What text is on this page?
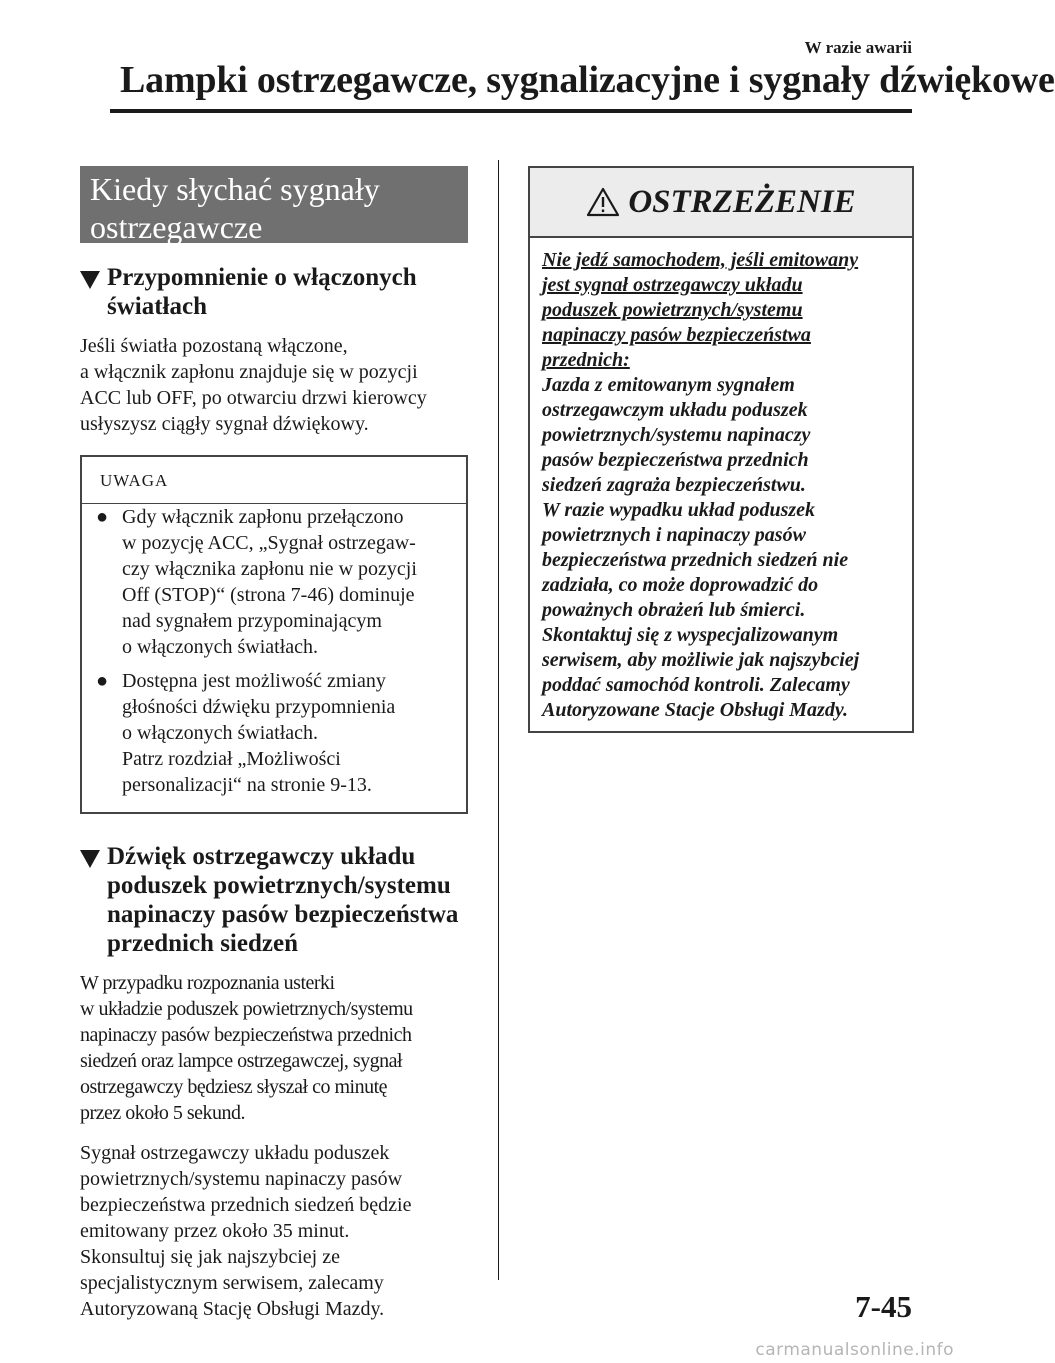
W razie awarii
Lampki ostrzegawcze, sygnalizacyjne i sygnały dźwiękowe
Kiedy słychać sygnały
ostrzegawcze
Przypomnienie o włączonych
światłach
Jeśli światła pozostaną włączone,
a włącznik zapłonu znajduje się w pozycji
ACC lub OFF, po otwarciu drzwi kierowcy
usłyszysz ciągły sygnał dźwiękowy.
UWAGA
● Gdy włącznik zapłonu przełączono
w pozycję ACC, „Sygnał ostrzegaw-
czy włącznika zapłonu nie w pozycji
Off (STOP)“ (strona 7-46) dominuje
nad sygnałem przypominającym
o włączonych światłach.
● Dostępna jest możliwość zmiany
głośności dźwięku przypomnienia
o włączonych światłach.
Patrz rozdział „Możliwości
personalizacji“ na stronie 9-13.
Dźwięk ostrzegawczy układu
poduszek powietrznych/systemu
napinaczy pasów bezpieczeństwa
przednich siedzeń
W przypadku rozpoznania usterki
w układzie poduszek powietrznych/systemu
napinaczy pasów bezpieczeństwa przednich
siedzeń oraz lampce ostrzegawczej, sygnał
ostrzegawczy będziesz słyszał co minutę
przez około 5 sekund.
Sygnał ostrzegawczy układu poduszek
powietrznych/systemu napinaczy pasów
bezpieczeństwa przednich siedzeń będzie
emitowany przez około 35 minut.
Skonsultuj się jak najszybciej ze
specjalistycznym serwisem, zalecamy
Autoryzowaną Stację Obsługi Mazdy.
OSTRZEŻENIE
Nie jedź samochodem, jeśli emitowany
jest sygnał ostrzegawczy układu
poduszek powietrznych/systemu
napinaczy pasów bezpieczeństwa
przednich:
Jazda z emitowanym sygnałem
ostrzegawczym układu poduszek
powietrznych/systemu napinaczy
pasów bezpieczeństwa przednich
siedzeń zagraża bezpieczeństwu.
W razie wypadku układ poduszek
powietrznych i napinaczy pasów
bezpieczeństwa przednich siedzeń nie
zadziała, co może doprowadzić do
poważnych obrażeń lub śmierci.
Skontaktuj się z wyspecjalizowanym
serwisem, aby możliwie jak najszybciej
poddać samochód kontroli. Zalecamy
Autoryzowane Stacje Obsługi Mazdy.
7-45
carmanualsonline.info
